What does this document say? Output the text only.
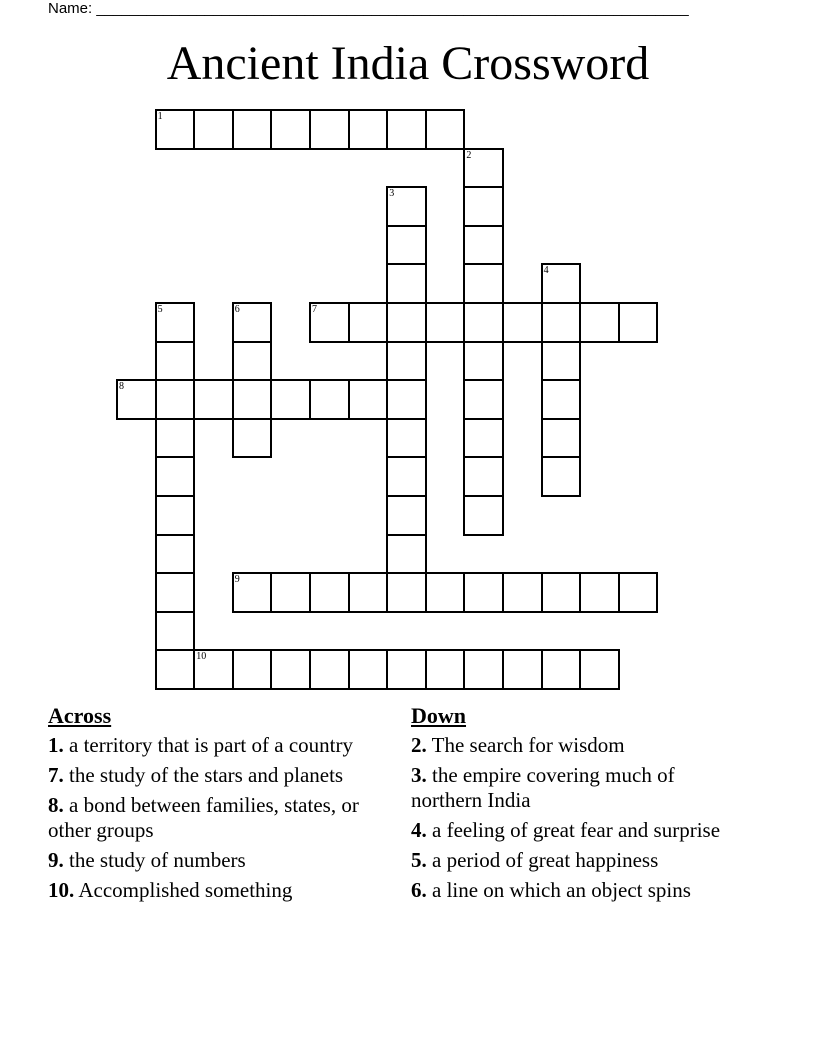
Name: _______________________________________________________________________
Ancient India Crossword
1
7
8
9
10
2
3
4
5	6
Across
1. a territory that is part of a country
7. the study of the stars and planets
8. a bond between families, states, or other groups
9. the study of numbers
10. Accomplished something
Down
2. The search for wisdom
3. the empire covering much of northern India
4. a feeling of great fear and surprise
5. a period of great happiness
6. a line on which an object spins
